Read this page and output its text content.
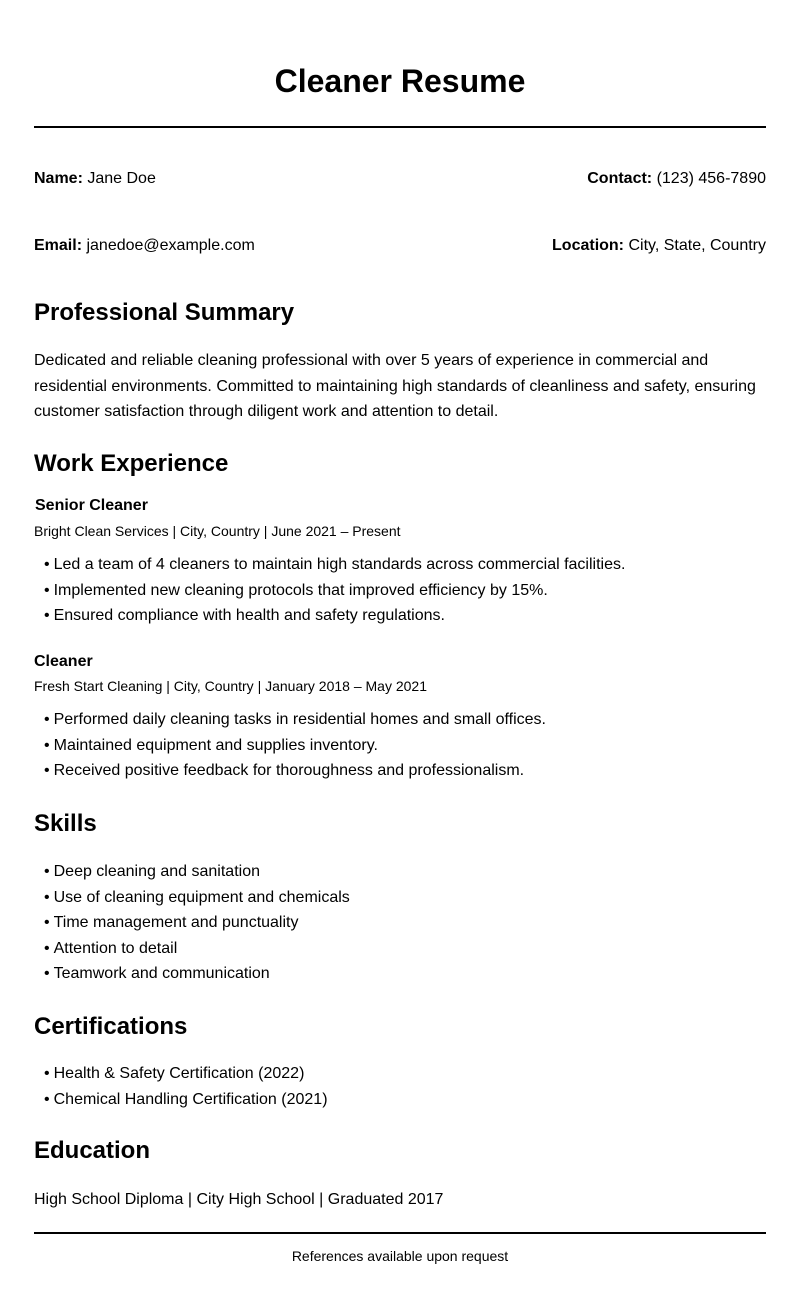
Cleaner Resume
Name: Jane Doe	Contact: (123) 456-7890
Email: janedoe@example.com	Location: City, State, Country
Professional Summary

Dedicated and reliable cleaning professional with over 5 years of experience in commercial and residential environments. Committed to maintaining high standards of cleanliness and safety, ensuring customer satisfaction through diligent work and attention to detail.

Work Experience
Senior Cleaner
Bright Clean Services | City, Country | June 2021 – Present
• Led a team of 4 cleaners to maintain high standards across commercial facilities.
• Implemented new cleaning protocols that improved efficiency by 15%.
• Ensured compliance with health and safety regulations.
Cleaner
Fresh Start Cleaning | City, Country | January 2018 – May 2021
• Performed daily cleaning tasks in residential homes and small offices.
• Maintained equipment and supplies inventory.
• Received positive feedback for thoroughness and professionalism.
Skills
• Deep cleaning and sanitation
• Use of cleaning equipment and chemicals
• Time management and punctuality
• Attention to detail
• Teamwork and communication
Certifications
• Health & Safety Certification (2022)
• Chemical Handling Certification (2021)
Education

High School Diploma | City High School | Graduated 2017

References available upon request
